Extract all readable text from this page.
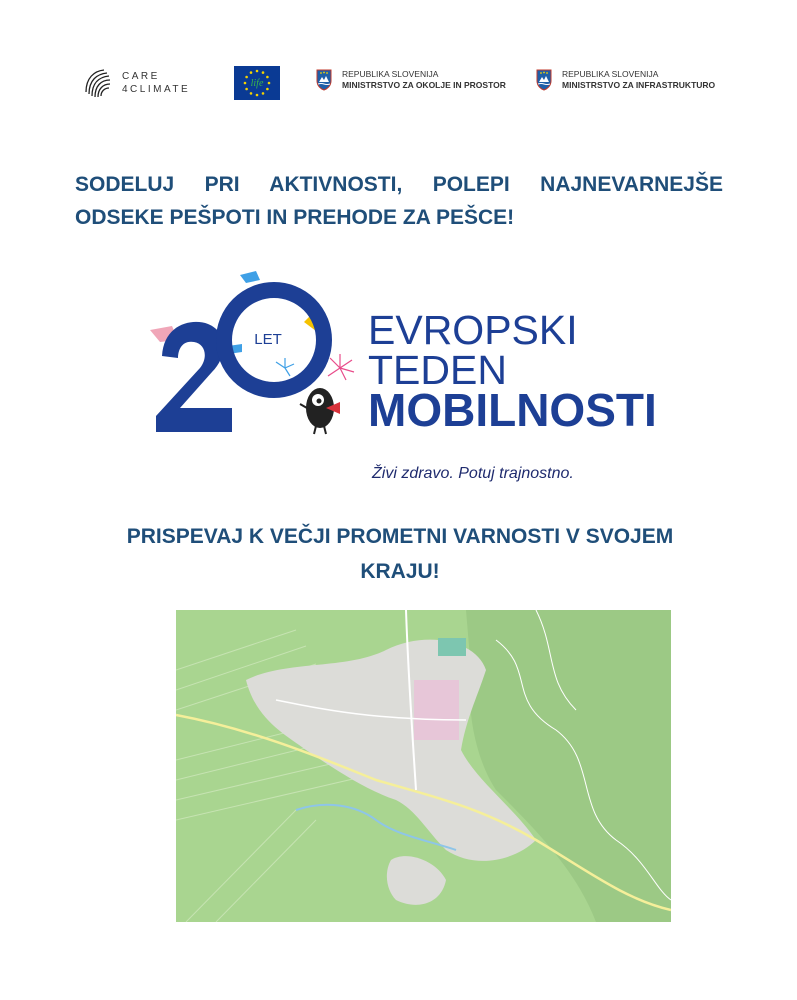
CARE
4CLIMATE
life
REPUBLIKA SLOVENIJA
MINISTRSTVO ZA OKOLJE IN PROSTOR
REPUBLIKA SLOVENIJA
MINISTRSTVO ZA INFRASTRUKTURO
SODELUJ PRI AKTIVNOSTI, POLEPI NAJNEVARNEJŠE
ODSEKE PEŠPOTI IN PREHODE ZA PEŠCE!
LET EVROPSKI
TEDEN
MOBILNOSTI
Živi zdravo. Potuj trajnostno.
PRISPEVAJ K VEČJI PROMETNI VARNOSTI V SVOJEM
KRAJU!
